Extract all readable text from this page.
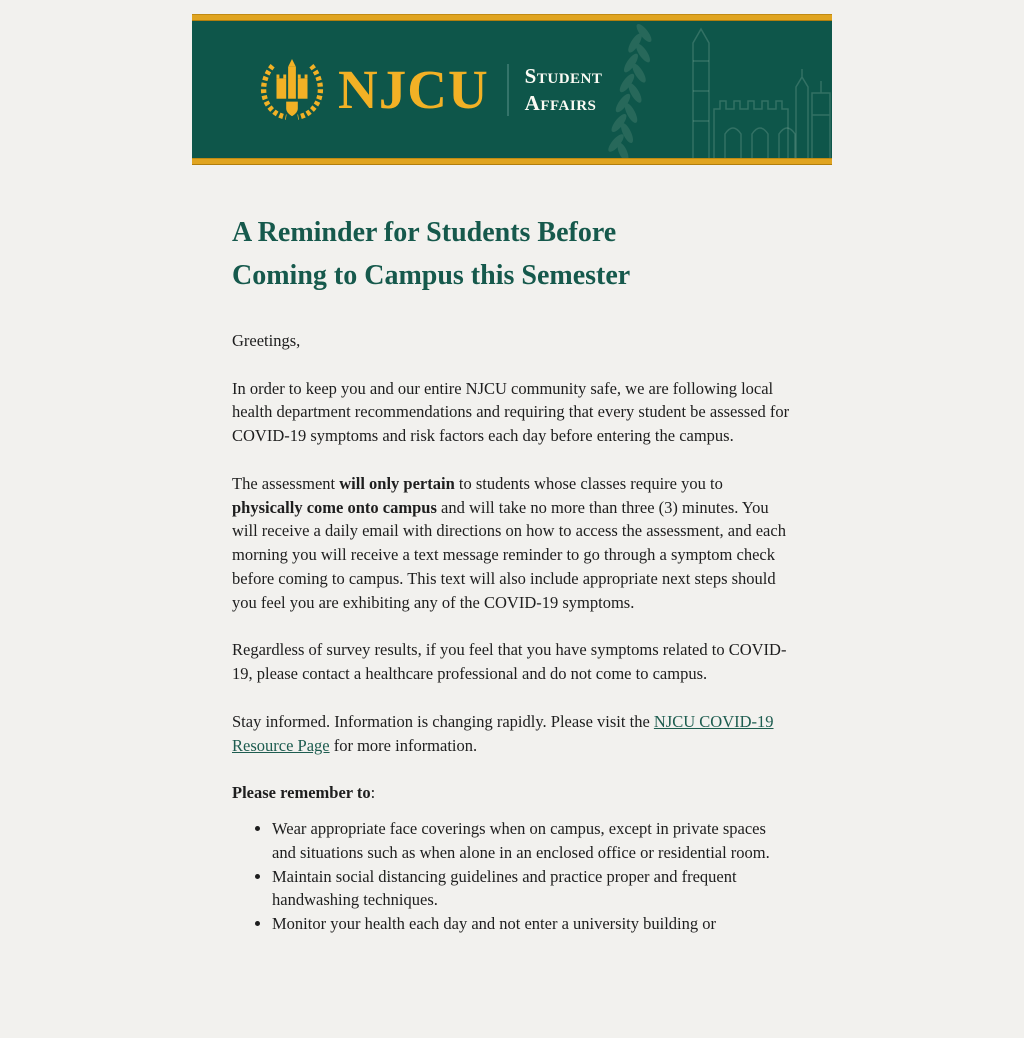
NJCU Student
Affairs
A Reminder for Students Before
Coming to Campus this Semester

Greetings,

In order to keep you and our entire NJCU community safe, we are following local health department recommendations and requiring that every student be assessed for COVID-19 symptoms and risk factors each day before entering the campus.

The assessment will only pertain to students whose classes require you to physically come onto campus and will take no more than three (3) minutes. You will receive a daily email with directions on how to access the assessment, and each morning you will receive a text message reminder to go through a symptom check before coming to campus. This text will also include appropriate next steps should you feel you are exhibiting any of the COVID-19 symptoms.

Regardless of survey results, if you feel that you have symptoms related to COVID-19, please contact a healthcare professional and do not come to campus.

Stay informed. Information is changing rapidly. Please visit the NJCU COVID-19 Resource Page for more information.

Please remember to:

• Wear appropriate face coverings when on campus, except in private spaces and situations such as when alone in an enclosed office or residential room.
• Maintain social distancing guidelines and practice proper and frequent handwashing techniques.
• Monitor your health each day and not enter a university building or
